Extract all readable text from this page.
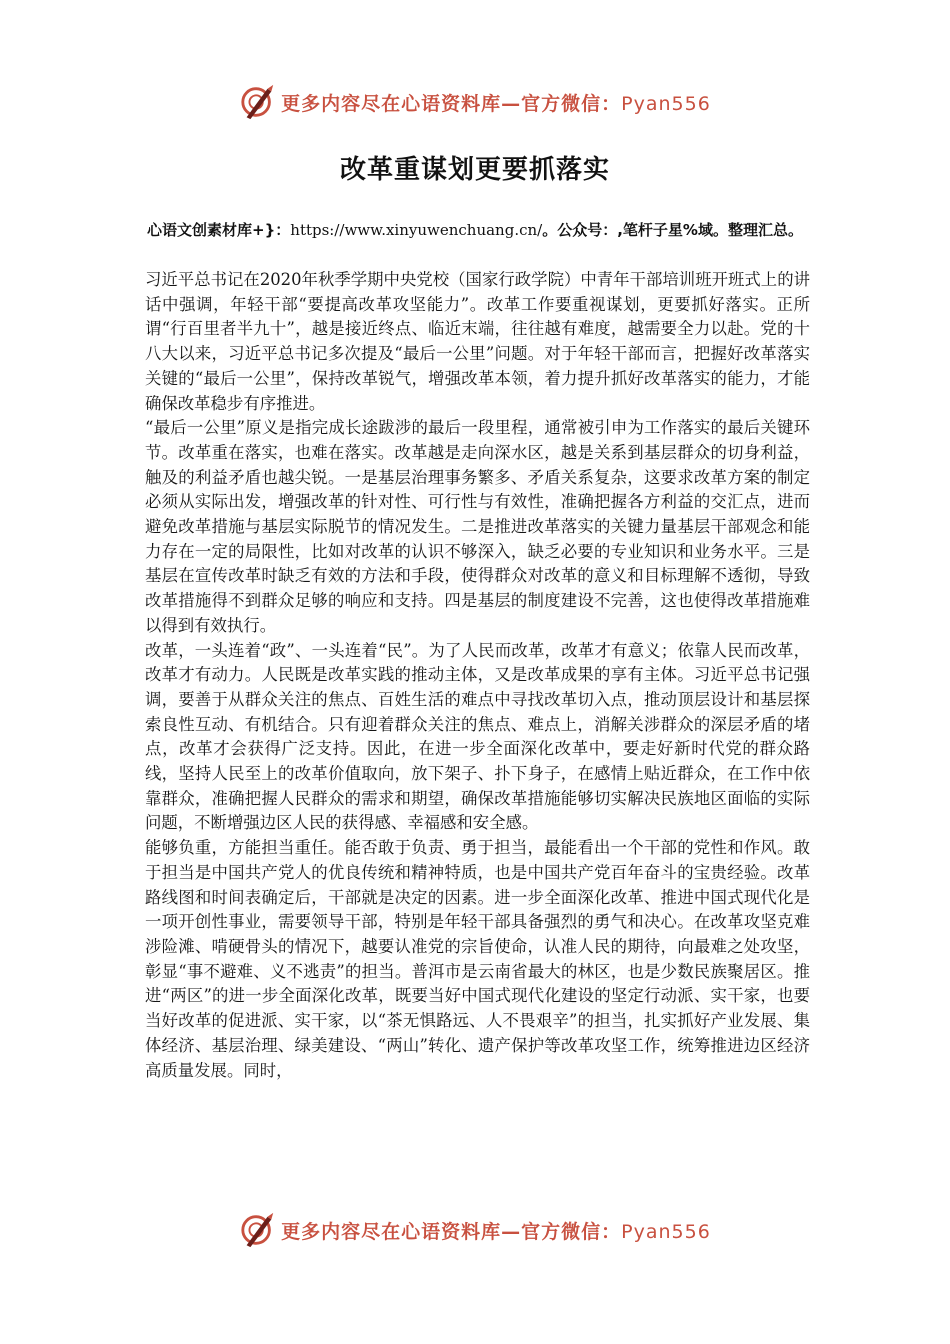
更多内容尽在心语资料库—官方微信：Pyan556
改革重谋划更要抓落实
心语文创素材库+}：https://www.xinyuwenchuang.cn/。公众号：,笔杆子星%域。整理汇总。

习近平总书记在2020年秋季学期中央党校（国家行政学院）中青年干部培训班开班式上的讲话中强调，年轻干部“要提高改革攻坚能力”。改革工作要重视谋划，更要抓好落实。正所谓“行百里者半九十”，越是接近终点、临近末端，往往越有难度，越需要全力以赴。党的十八大以来，习近平总书记多次提及“最后一公里”问题。对于年轻干部而言，把握好改革落实关键的“最后一公里”，保持改革锐气，增强改革本领，着力提升抓好改革落实的能力，才能确保改革稳步有序推进。

“最后一公里”原义是指完成长途跋涉的最后一段里程，通常被引申为工作落实的最后关键环节。改革重在落实，也难在落实。改革越是走向深水区，越是关系到基层群众的切身利益，触及的利益矛盾也越尖锐。一是基层治理事务繁多、矛盾关系复杂，这要求改革方案的制定必须从实际出发，增强改革的针对性、可行性与有效性，准确把握各方利益的交汇点，进而避免改革措施与基层实际脱节的情况发生。二是推进改革落实的关键力量基层干部观念和能力存在一定的局限性，比如对改革的认识不够深入，缺乏必要的专业知识和业务水平。三是基层在宣传改革时缺乏有效的方法和手段，使得群众对改革的意义和目标理解不透彻，导致改革措施得不到群众足够的响应和支持。四是基层的制度建设不完善，这也使得改革措施难以得到有效执行。

改革，一头连着“政”、一头连着“民”。为了人民而改革，改革才有意义；依靠人民而改革，改革才有动力。人民既是改革实践的推动主体，又是改革成果的享有主体。习近平总书记强调，要善于从群众关注的焦点、百姓生活的难点中寻找改革切入点，推动顶层设计和基层探索良性互动、有机结合。只有迎着群众关注的焦点、难点上，消解关涉群众的深层矛盾的堵点，改革才会获得广泛支持。因此，在进一步全面深化改革中，要走好新时代党的群众路线，坚持人民至上的改革价值取向，放下架子、扑下身子，在感情上贴近群众，在工作中依靠群众，准确把握人民群众的需求和期望，确保改革措施能够切实解决民族地区面临的实际问题，不断增强边区人民的获得感、幸福感和安全感。

能够负重，方能担当重任。能否敢于负责、勇于担当，最能看出一个干部的党性和作风。敢于担当是中国共产党人的优良传统和精神特质，也是中国共产党百年奋斗的宝贵经验。改革路线图和时间表确定后，干部就是决定的因素。进一步全面深化改革、推进中国式现代化是一项开创性事业，需要领导干部，特别是年轻干部具备强烈的勇气和决心。在改革攻坚克难涉险滩、啃硬骨头的情况下，越要认准党的宗旨使命，认准人民的期待，向最难之处攻坚，彰显“事不避难、义不逃责”的担当。普洱市是云南省最大的林区，也是少数民族聚居区。推进“两区”的进一步全面深化改革，既要当好中国式现代化建设的坚定行动派、实干家，也要当好改革的促进派、实干家，以“茶无惧路远、人不畏艰辛”的担当，扎实抓好产业发展、集体经济、基层治理、绿美建设、“两山”转化、遗产保护等改革攻坚工作，统筹推进边区经济高质量发展。同时，

更多内容尽在心语资料库—官方微信：Pyan556
